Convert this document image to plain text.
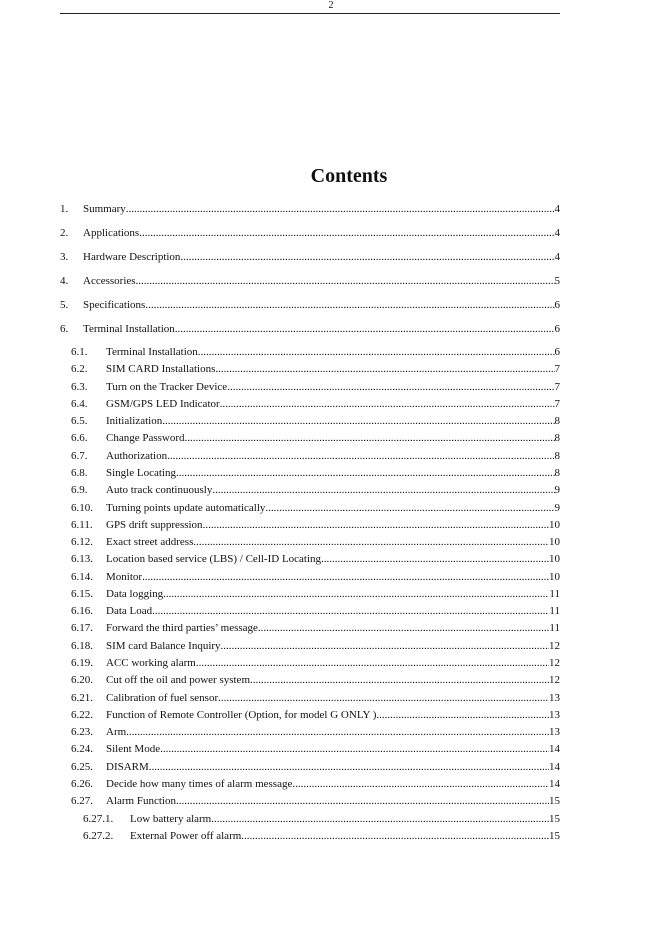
2
Contents
1.	Summary .....	4
2.	Applications .....	4
3.	Hardware Description .....	4
4.	Accessories .....	5
5.	Specifications .....	6
6.	Terminal Installation .....	6
6.1.	Terminal Installation .....	6
6.2.	SIM CARD Installations .....	7
6.3.	Turn on the Tracker Device .....	7
6.4.	GSM/GPS LED Indicator .....	7
6.5.	Initialization .....	8
6.6.	Change Password .....	8
6.7.	Authorization .....	8
6.8.	Single Locating .....	8
6.9.	Auto track continuously .....	9
6.10.	Turning points update automatically .....	9
6.11.	GPS drift suppression .....	10
6.12.	Exact street address .....	10
6.13.	Location based service (LBS) / Cell-ID Locating .....	10
6.14.	Monitor .....	10
6.15.	Data logging .....	11
6.16.	Data Load .....	11
6.17.	Forward the third parties’ message .....	11
6.18.	SIM card Balance Inquiry .....	12
6.19.	ACC working alarm .....	12
6.20.	Cut off the oil and power system .....	12
6.21.	Calibration of fuel sensor .....	13
6.22.	Function of Remote Controller (Option, for model G ONLY ) .....	13
6.23.	Arm .....	13
6.24.	Silent Mode .....	14
6.25.	DISARM .....	14
6.26.	Decide how many times of alarm message .....	14
6.27.	Alarm Function .....	15
6.27.1.	Low battery alarm .....	15
6.27.2.	External Power off alarm .....	15
